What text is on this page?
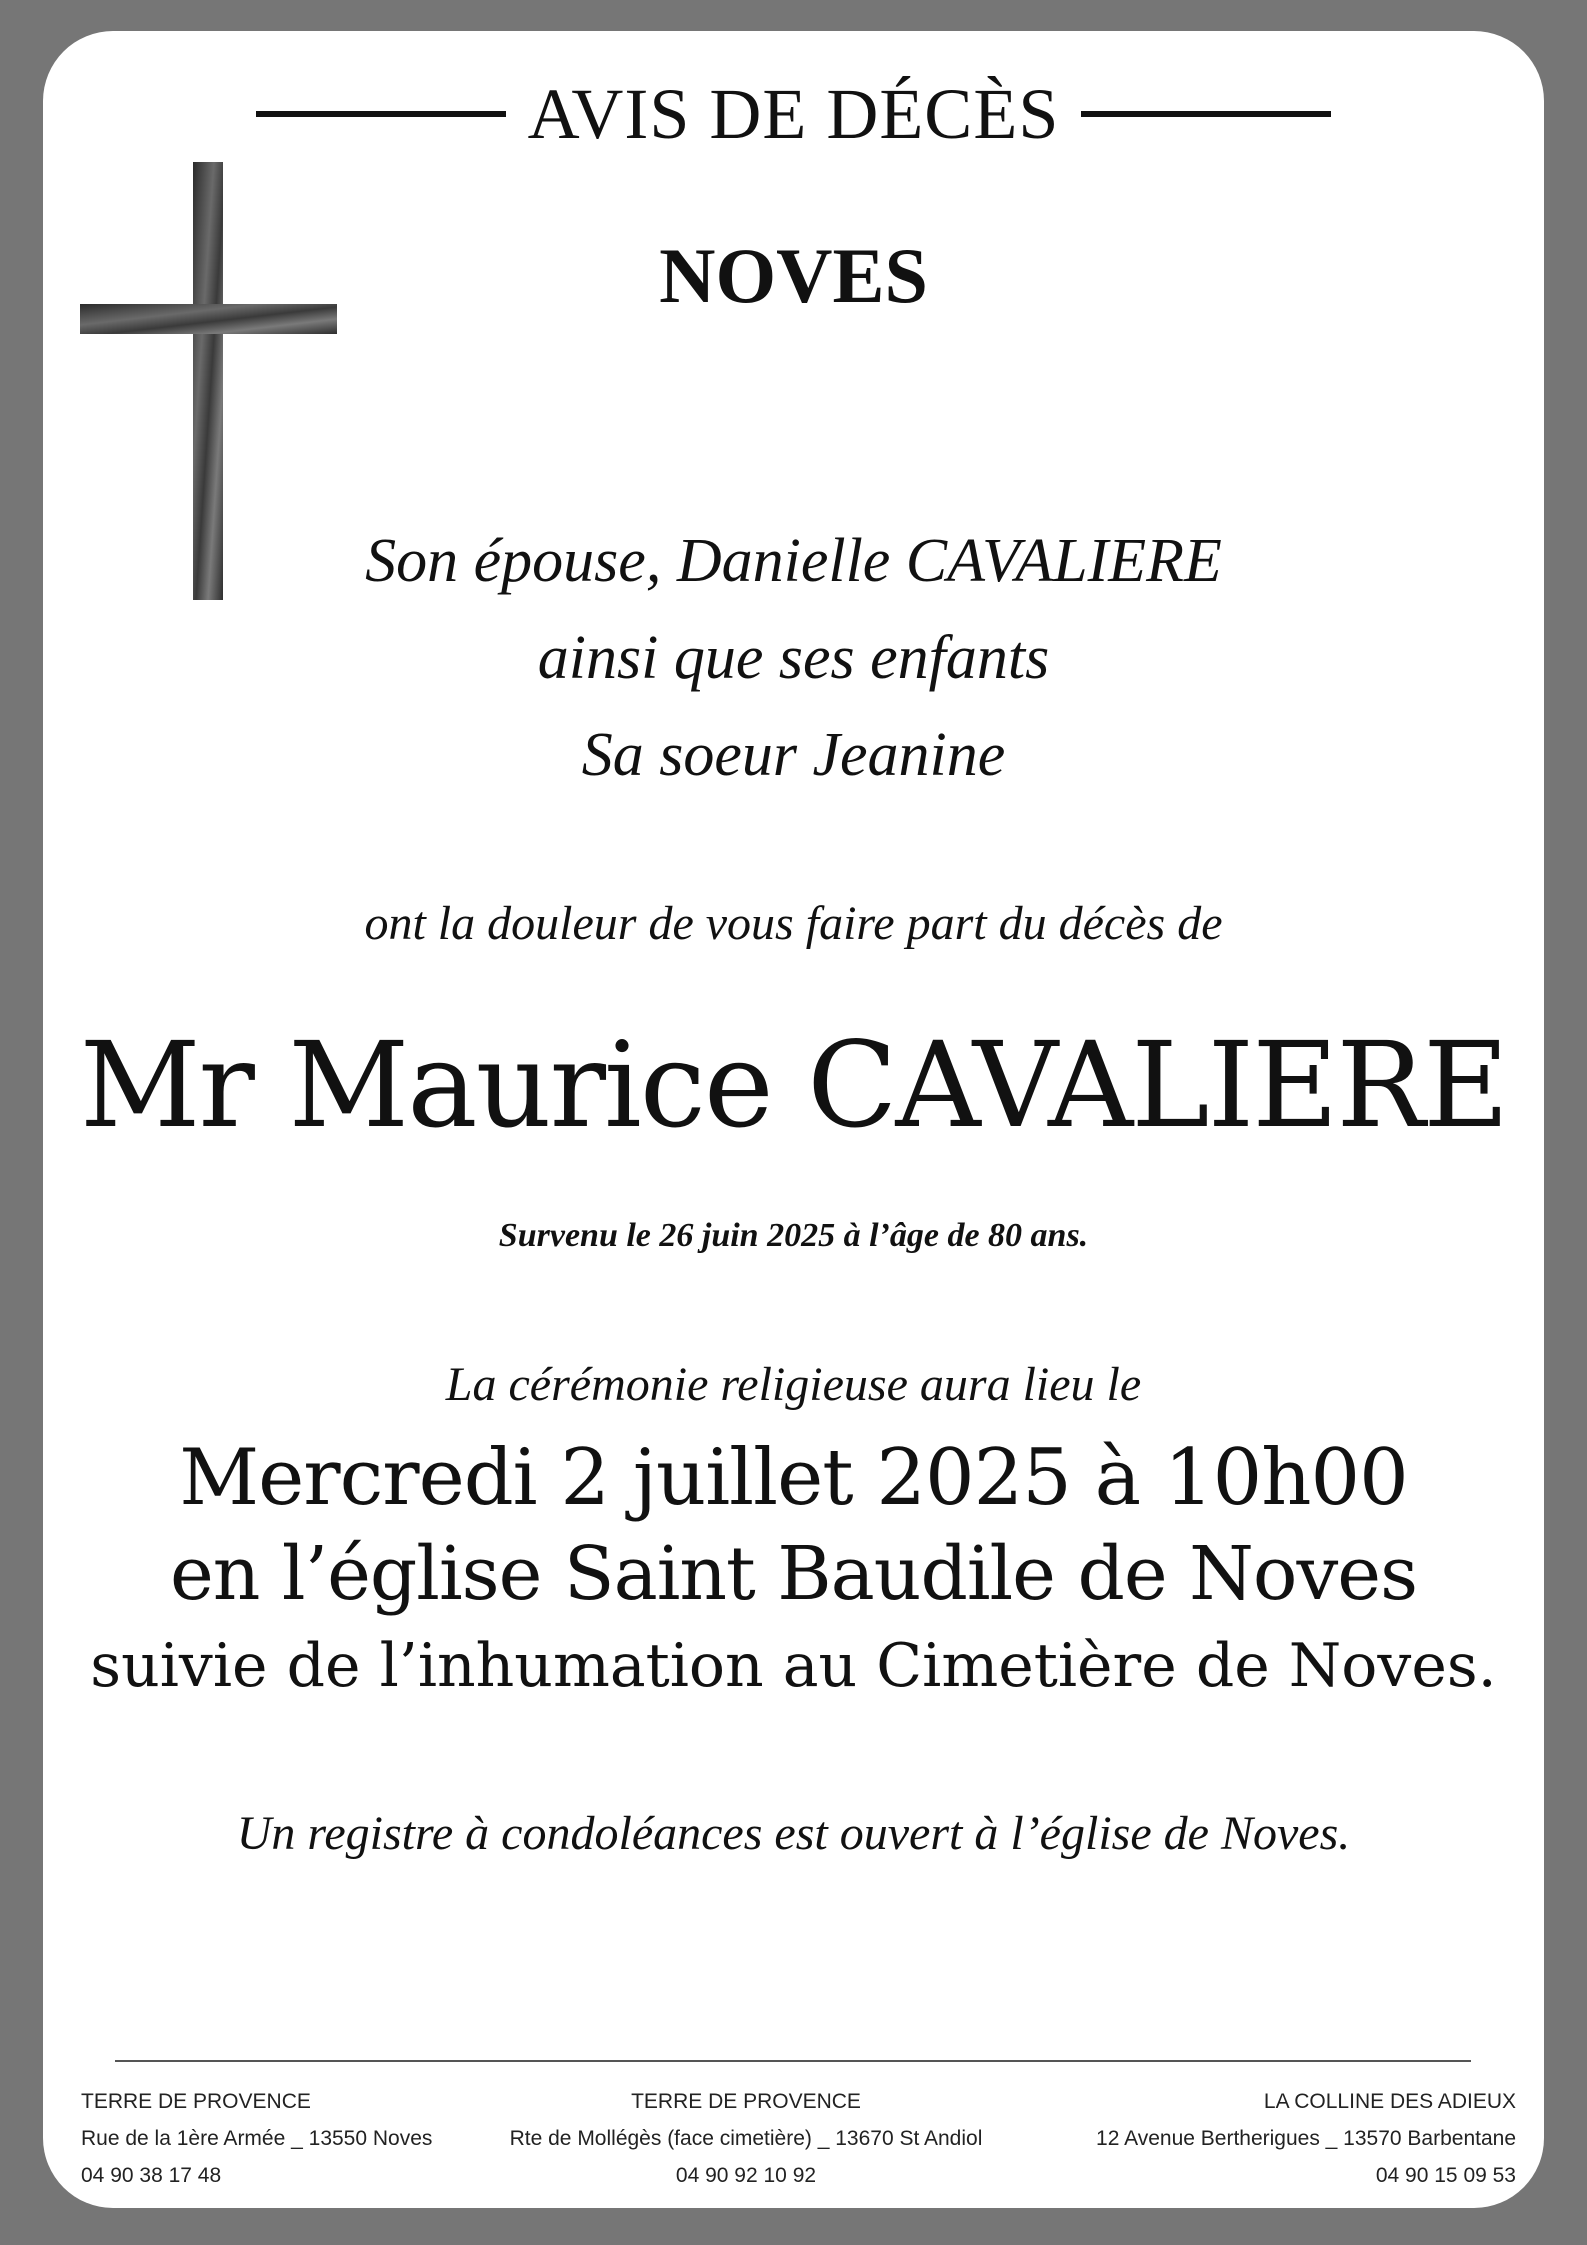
AVIS DE DÉCÈS
NOVES
Son épouse, Danielle CAVALIERE
ainsi que ses enfants
Sa soeur Jeanine
ont la douleur de vous faire part du décès de
Mr Maurice CAVALIERE
Survenu le 26 juin 2025 à l’âge de 80 ans.
La cérémonie religieuse aura lieu le
Mercredi 2 juillet 2025 à 10h00
en l’église Saint Baudile de Noves
suivie de l’inhumation au Cimetière de Noves.
Un registre à condoléances est ouvert à l’église de Noves.
TERRE DE PROVENCE
Rue de la 1ère Armée _ 13550 Noves
04 90 38 17 48
TERRE DE PROVENCE
Rte de Mollégès (face cimetière) _ 13670 St Andiol
04 90 92 10 92
LA COLLINE DES ADIEUX
12 Avenue Bertherigues _ 13570 Barbentane
04 90 15 09 53
